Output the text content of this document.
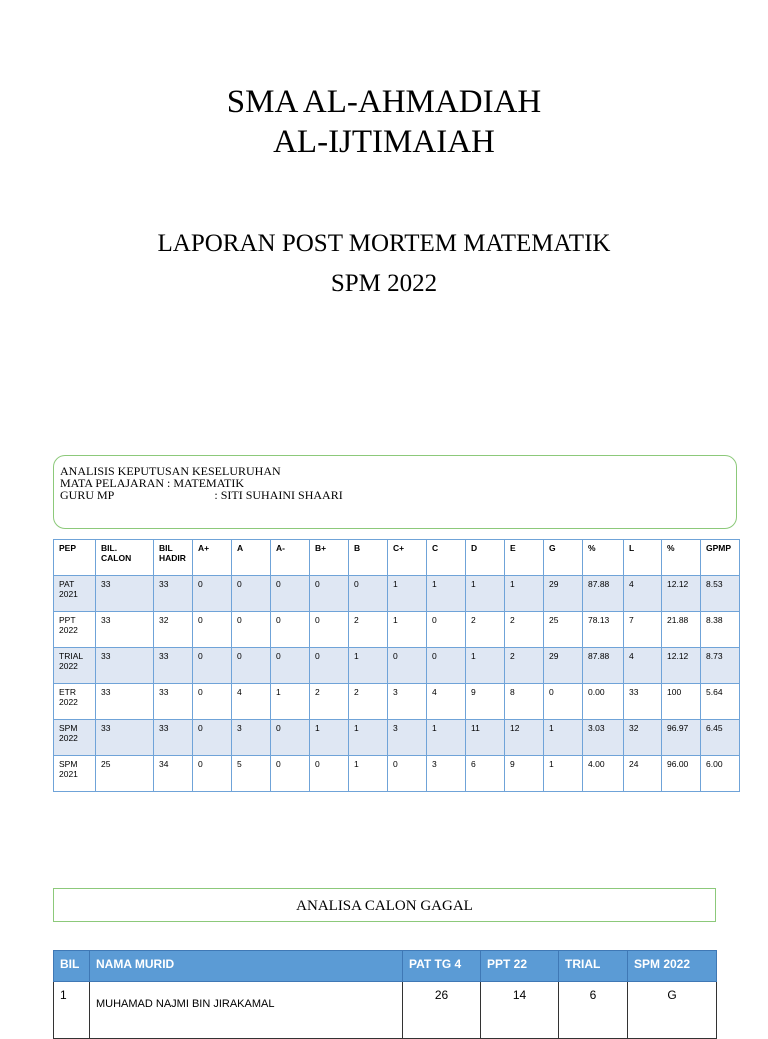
SMA AL-AHMADIAH
AL-IJTIMAIAH
LAPORAN POST MORTEM MATEMATIK
SPM 2022
ANALISIS KEPUTUSAN KESELURUHAN
MATA PELAJARAN : MATEMATIK
GURU MP	: SITI SUHAINI SHAARI
PEP	BIL. CALON	BIL HADIR	A+	A	A-	B+	B	C+	C	D	E	G	%	L	%	GPMP
PAT 2021	33	33	0	0	0	0	0	1	1	1	1	29	87.88	4	12.12	8.53
PPT 2022	33	32	0	0	0	0	2	1	0	2	2	25	78.13	7	21.88	8.38
TRIAL 2022	33	33	0	0	0	0	1	0	0	1	2	29	87.88	4	12.12	8.73
ETR 2022	33	33	0	4	1	2	2	3	4	9	8	0	0.00	33	100	5.64
SPM 2022	33	33	0	3	0	1	1	3	1	11	12	1	3.03	32	96.97	6.45
SPM 2021	25	34	0	5	0	0	1	0	3	6	9	1	4.00	24	96.00	6.00
ANALISA CALON GAGAL
BIL	NAMA MURID	PAT TG 4	PPT 22	TRIAL	SPM 2022
1	MUHAMAD NAJMI BIN JIRAKAMAL	26	14	6	G
